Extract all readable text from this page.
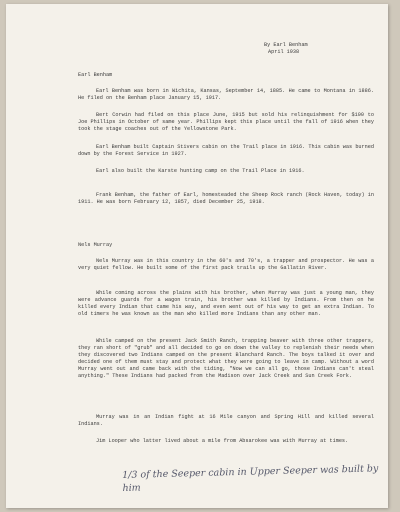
By Earl Benham
April 1938
Earl Benham

Earl Benham was born in Wichita, Kansas, September 14, 1885. He came to Montana in 1886. He filed on the Benham place January 15, 1917.

Bert Corwin had filed on this place June, 1915 but sold his relinquishment for $100 to Joe Phillips in October of same year. Phillips kept this place until the fall of 1916 when they took the stage coaches out of the Yellowstone Park.

Earl Benham built Captain Stivers cabin on the Trail place in 1916. This cabin was burned down by the Forest Service in 1927.

Earl also built the Karste hunting camp on the Trail Place in 1916.

Frank Benham, the father of Earl, homesteaded the Sheep Rock ranch (Rock Haven, today) in 1911. He was born February 12, 1857, died December 25, 1918.

Nels Murray

Nels Murray was in this country in the 60's and 70's, a trapper and prospector. He was a very quiet fellow. He built some of the first pack trails up the Gallatin River.

While coming across the plains with his brother, when Murray was just a young man, they were advance guards for a wagon train, his brother was killed by Indians. From then on he killed every Indian that came his way, and even went out of his way to get an extra Indian. To old timers he was known as the man who killed more Indians than any other man.

While camped on the present Jack Smith Ranch, trapping beaver with three other trappers, they ran short of "grub" and all decided to go on down the valley to replenish their needs when they discovered two Indians camped on the present Blanchard Ranch. The boys talked it over and decided one of them must stay and protect what they were going to leave in camp. Without a word Murray went out and came back with the tiding, "Now we can all go, those Indians can't steal anything." These Indians had packed from the Madison over Jack Creek and Sun Creek Fork.

Murray was in an Indian fight at 16 Mile canyon and Spring Hill and killed several Indians.

Jim Looper who latter lived about a mile from Absarokee was with Murray at times.

1/3 of the Seeper cabin in Upper Seeper was built by him
